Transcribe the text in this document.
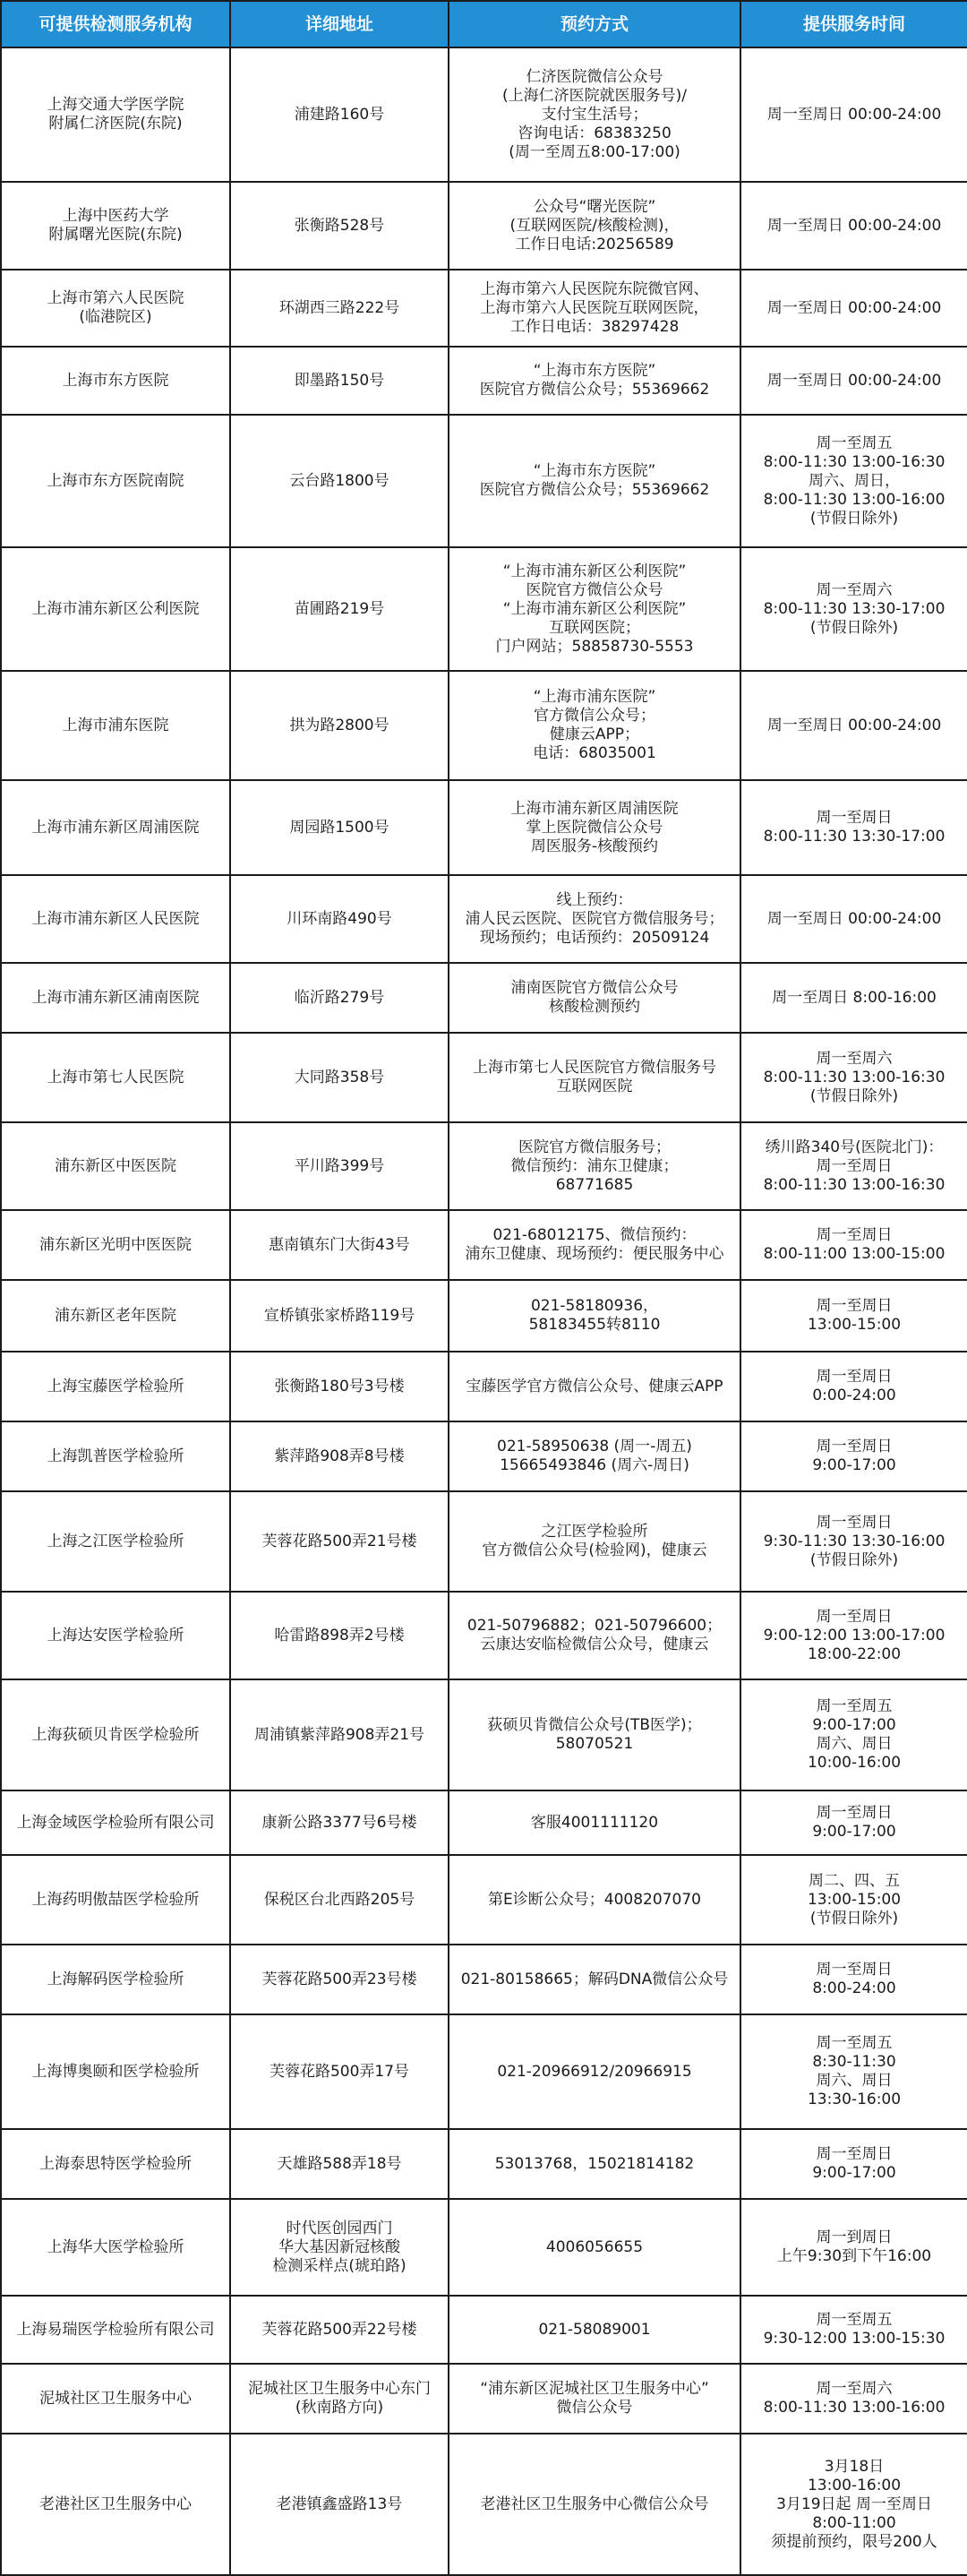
可提供检测服务机构	详细地址	预约方式	提供服务时间
上海交通大学医学院
附属仁济医院(东院)	浦建路160号	仁济医院微信公众号
(上海仁济医院就医服务号)/
支付宝生活号；
咨询电话：68383250
(周一至周五8:00-17:00)	周一至周日 00:00-24:00
上海中医药大学
附属曙光医院(东院)	张衡路528号	公众号“曙光医院”
(互联网医院/核酸检测)，
工作日电话:20256589	周一至周日 00:00-24:00
上海市第六人民医院
(临港院区)	环湖西三路222号	上海市第六人民医院东院微官网、
上海市第六人民医院互联网医院，
工作日电话：38297428	周一至周日 00:00-24:00
上海市东方医院	即墨路150号	“上海市东方医院”
医院官方微信公众号；55369662	周一至周日 00:00-24:00
上海市东方医院南院	云台路1800号	“上海市东方医院”
医院官方微信公众号；55369662	周一至周五
8:00-11:30 13:00-16:30
周六、周日，
8:00-11:30 13:00-16:00
(节假日除外)
上海市浦东新区公利医院	苗圃路219号	“上海市浦东新区公利医院”
医院官方微信公众号
“上海市浦东新区公利医院”
互联网医院；
门户网站；58858730-5553	周一至周六
8:00-11:30 13:30-17:00
(节假日除外)
上海市浦东医院	拱为路2800号	“上海市浦东医院”
官方微信公众号；
健康云APP；
电话：68035001	周一至周日 00:00-24:00
上海市浦东新区周浦医院	周园路1500号	上海市浦东新区周浦医院
掌上医院微信公众号
周医服务-核酸预约	周一至周日
8:00-11:30 13:30-17:00
上海市浦东新区人民医院	川环南路490号	线上预约：
浦人民云医院、医院官方微信服务号；
现场预约；电话预约：20509124	周一至周日 00:00-24:00
上海市浦东新区浦南医院	临沂路279号	浦南医院官方微信公众号
核酸检测预约	周一至周日 8:00-16:00
上海市第七人民医院	大同路358号	上海市第七人民医院官方微信服务号
互联网医院	周一至周六
8:00-11:30 13:00-16:30
(节假日除外)
浦东新区中医医院	平川路399号	医院官方微信服务号；
微信预约：浦东卫健康；
68771685	绣川路340号(医院北门)：
周一至周日
8:00-11:30 13:00-16:30
浦东新区光明中医医院	惠南镇东门大街43号	021-68012175、微信预约：
浦东卫健康、现场预约：便民服务中心	周一至周日
8:00-11:00 13:00-15:00
浦东新区老年医院	宣桥镇张家桥路119号	021-58180936，
58183455转8110	周一至周日
13:00-15:00
上海宝藤医学检验所	张衡路180号3号楼	宝藤医学官方微信公众号、健康云APP	周一至周日
0:00-24:00
上海凯普医学检验所	紫萍路908弄8号楼	021-58950638 (周一-周五)
15665493846 (周六-周日)	周一至周日
9:00-17:00
上海之江医学检验所	芙蓉花路500弄21号楼	之江医学检验所
官方微信公众号(检验网)，健康云	周一至周日
9:30-11:30 13:30-16:00
(节假日除外)
上海达安医学检验所	哈雷路898弄2号楼	021-50796882；021-50796600；
云康达安临检微信公众号，健康云	周一至周日
9:00-12:00 13:00-17:00
18:00-22:00
上海荻硕贝肯医学检验所	周浦镇紫萍路908弄21号	荻硕贝肯微信公众号(TB医学)；
58070521	周一至周五
9:00-17:00
周六、周日
10:00-16:00
上海金域医学检验所有限公司	康新公路3377号6号楼	客服4001111120	周一至周日
9:00-17:00
上海药明傲喆医学检验所	保税区台北西路205号	第E诊断公众号；4008207070	周二、四、五
13:00-15:00
(节假日除外)
上海解码医学检验所	芙蓉花路500弄23号楼	021-80158665；解码DNA微信公众号	周一至周日
8:00-24:00
上海博奥颐和医学检验所	芙蓉花路500弄17号	021-20966912/20966915	周一至周五
8:30-11:30
周六、周日
13:30-16:00
上海泰思特医学检验所	天雄路588弄18号	53013768，15021814182	周一至周日
9:00-17:00
上海华大医学检验所	时代医创园西门
华大基因新冠核酸
检测采样点(琥珀路)	4006056655	周一到周日
上午9:30到下午16:00
上海易瑞医学检验所有限公司	芙蓉花路500弄22号楼	021-58089001	周一至周五
9:30-12:00 13:00-15:30
泥城社区卫生服务中心	泥城社区卫生服务中心东门
(秋南路方向)	“浦东新区泥城社区卫生服务中心”
微信公众号	周一至周六
8:00-11:30 13:00-16:00
老港社区卫生服务中心	老港镇鑫盛路13号	老港社区卫生服务中心微信公众号	3月18日
13:00-16:00
3月19日起 周一至周日
8:00-11:00
须提前预约，限号200人
